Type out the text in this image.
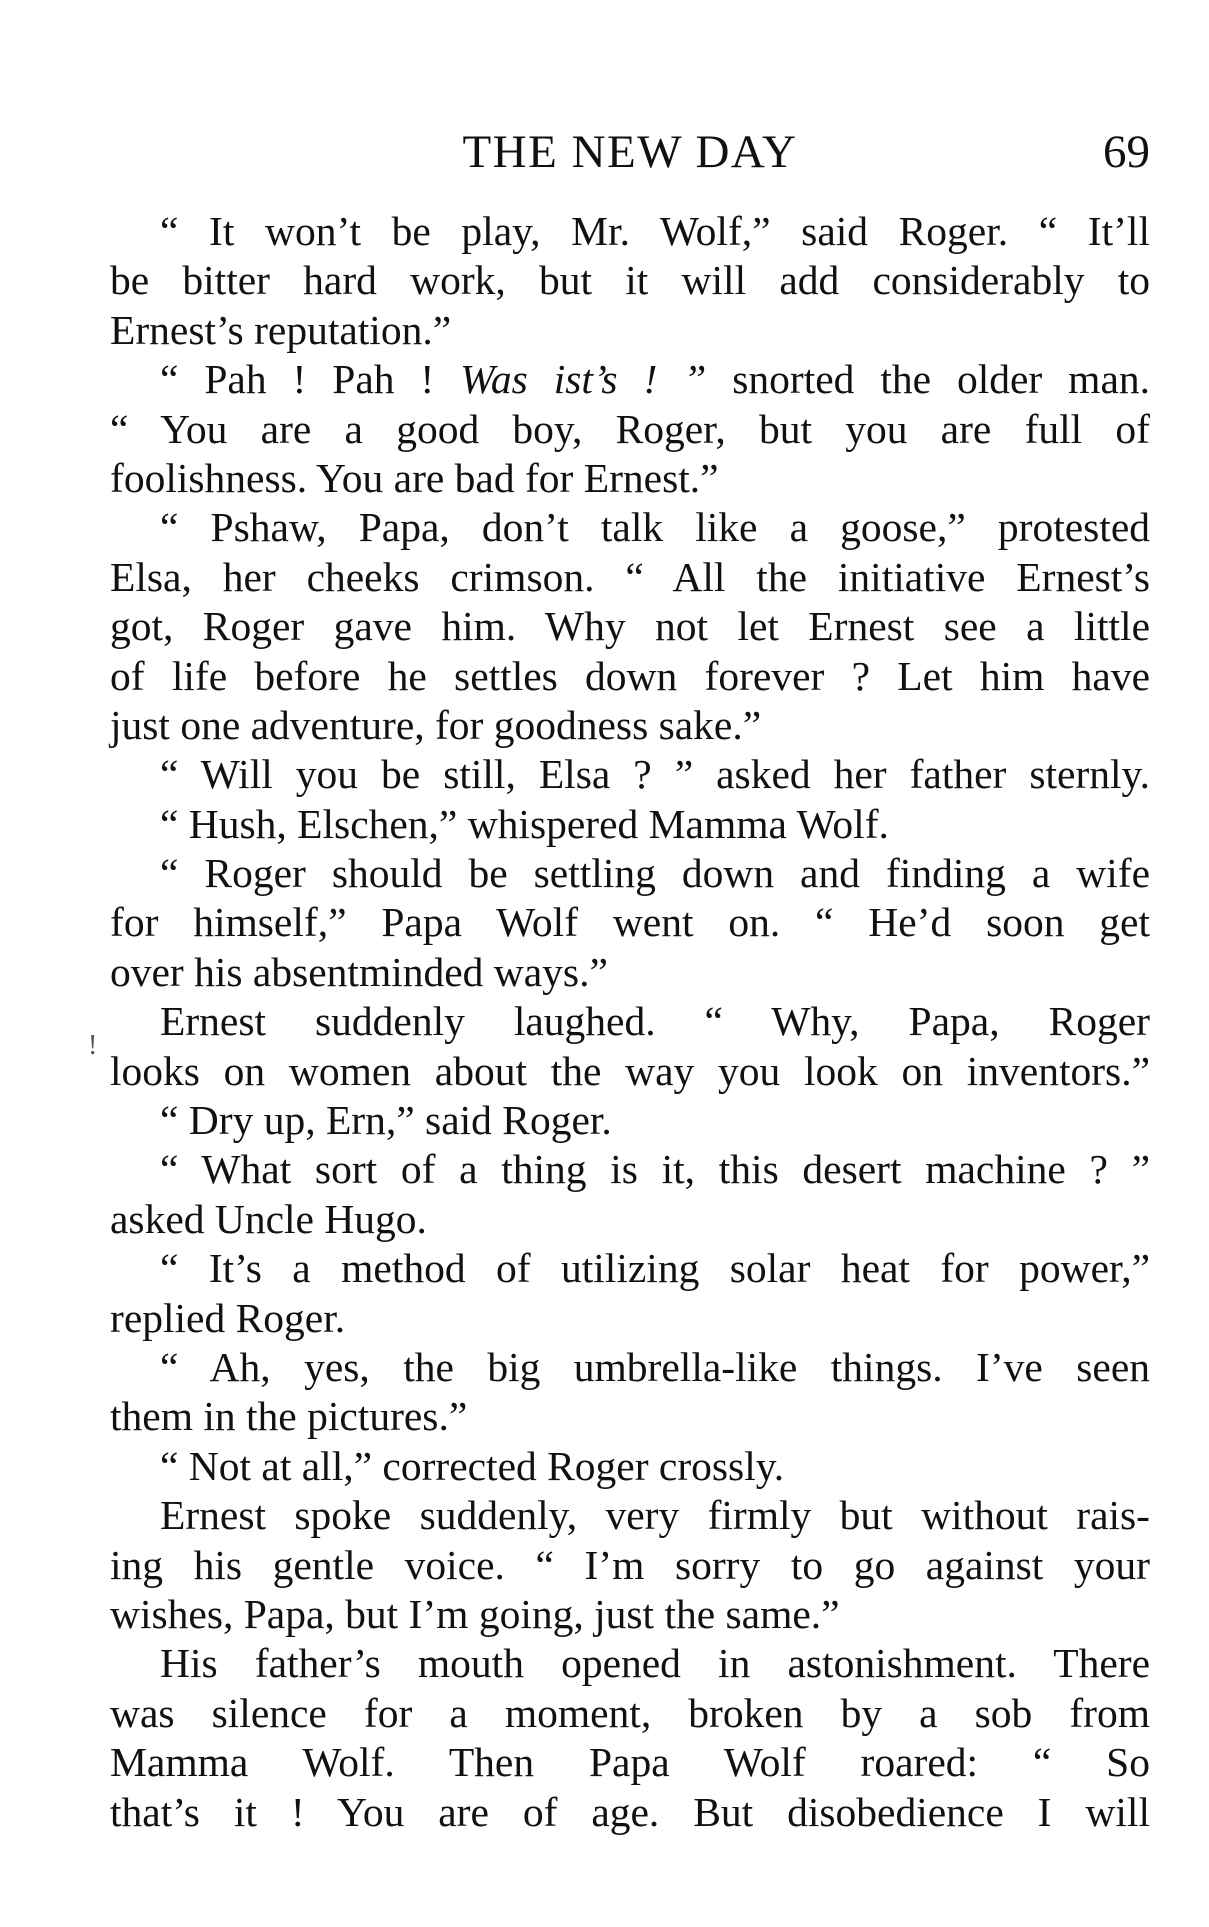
THE NEW DAY	69
!
“ It won’t be play, Mr. Wolf,” said Roger. “ It’ll
be bitter hard work, but it will add considerably to
Ernest’s reputation.”
“ Pah ! Pah ! Was ist’s ! ” snorted the older man.
“ You are a good boy, Roger, but you are full of
foolishness. You are bad for Ernest.”
“ Pshaw, Papa, don’t talk like a goose,” protested
Elsa, her cheeks crimson. “ All the initiative Ernest’s
got, Roger gave him. Why not let Ernest see a little
of life before he settles down forever ? Let him have
just one adventure, for goodness sake.”
“ Will you be still, Elsa ? ” asked her father sternly.
“ Hush, Elschen,” whispered Mamma Wolf.
“ Roger should be settling down and finding a wife
for himself,” Papa Wolf went on. “ He’d soon get
over his absentminded ways.”
Ernest suddenly laughed. “ Why, Papa, Roger
looks on women about the way you look on inventors.”
“ Dry up, Ern,” said Roger.
“ What sort of a thing is it, this desert machine ? ”
asked Uncle Hugo.
“ It’s a method of utilizing solar heat for power,”
replied Roger.
“ Ah, yes, the big umbrella-like things. I’ve seen
them in the pictures.”
“ Not at all,” corrected Roger crossly.
Ernest spoke suddenly, very firmly but without rais-
ing his gentle voice. “ I’m sorry to go against your
wishes, Papa, but I’m going, just the same.”
His father’s mouth opened in astonishment. There
was silence for a moment, broken by a sob from
Mamma Wolf. Then Papa Wolf roared: “ So
that’s it ! You are of age. But disobedience I will
